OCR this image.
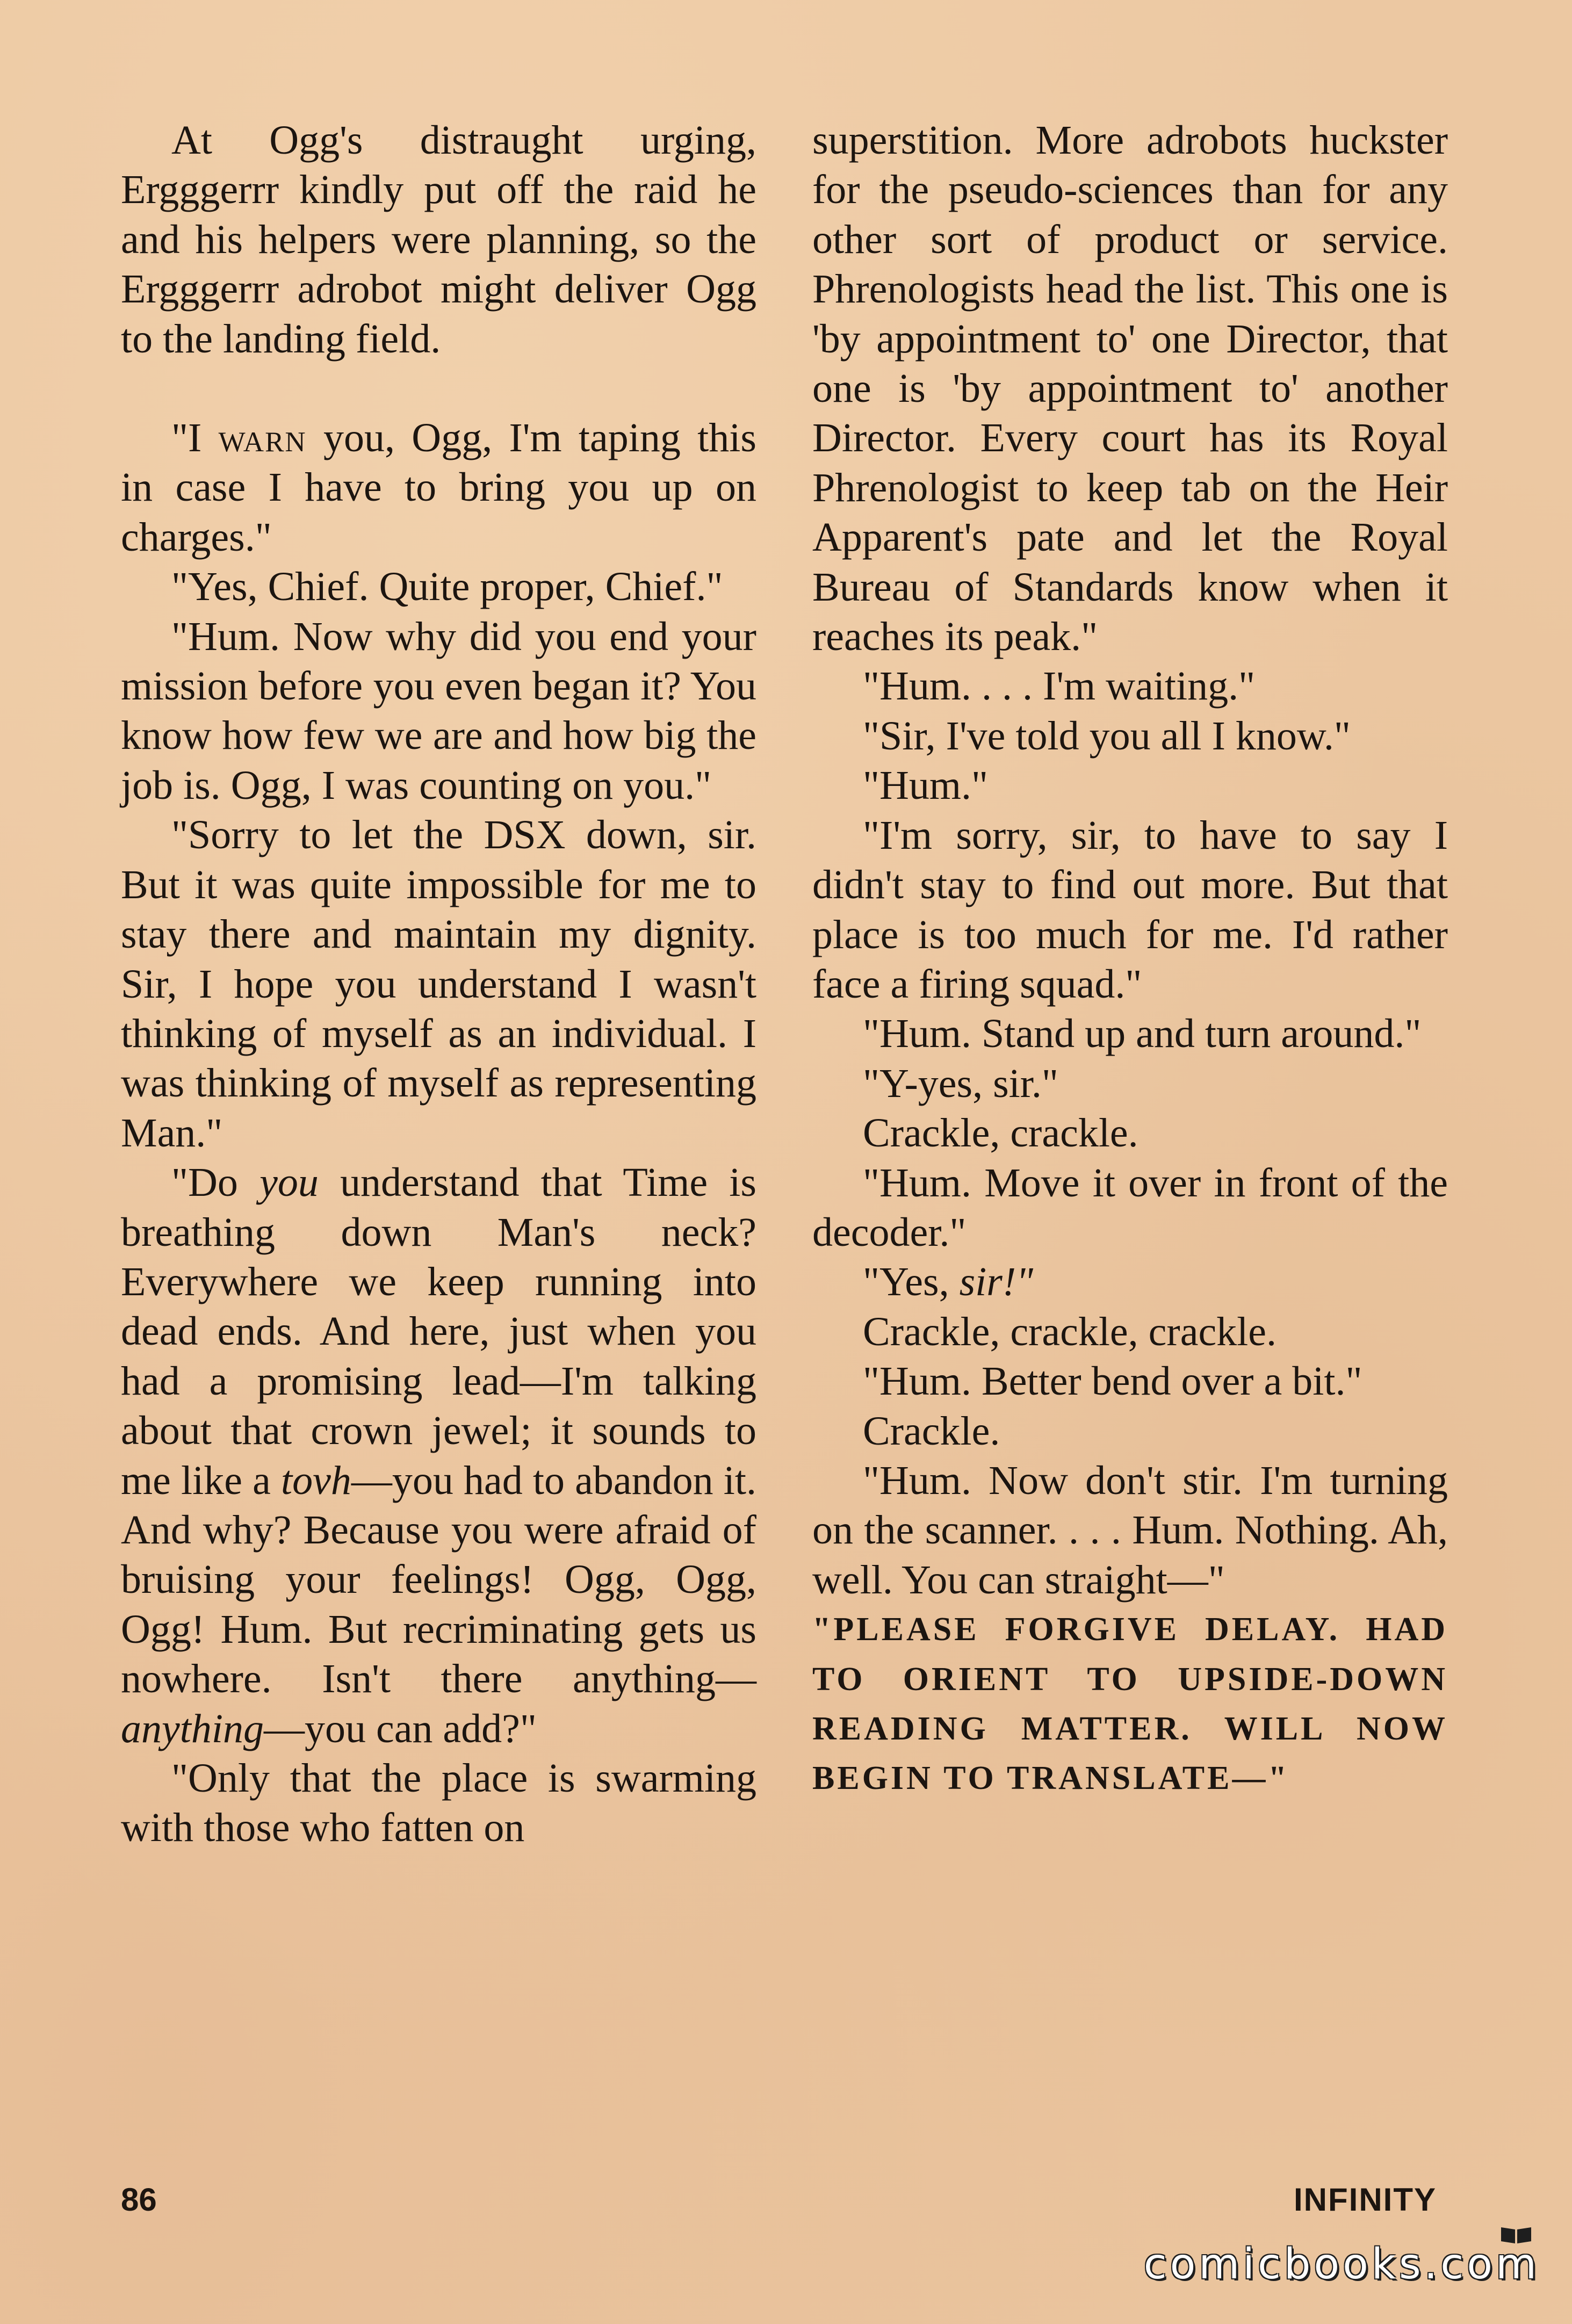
At Ogg's distraught urging, Ergggerrr kindly put off the raid he and his helpers were planning, so the Ergggerrr adrobot might deliver Ogg to the landing field.

"I warn you, Ogg, I'm taping this in case I have to bring you up on charges."

"Yes, Chief. Quite proper, Chief."

"Hum. Now why did you end your mission before you even began it? You know how few we are and how big the job is. Ogg, I was counting on you."

"Sorry to let the DSX down, sir. But it was quite impossible for me to stay there and maintain my dignity. Sir, I hope you understand I wasn't thinking of myself as an individual. I was thinking of myself as representing Man."

"Do you understand that Time is breathing down Man's neck? Everywhere we keep running into dead ends. And here, just when you had a promising lead—I'm talking about that crown jewel; it sounds to me like a tovh—you had to abandon it. And why? Because you were afraid of bruising your feelings! Ogg, Ogg, Ogg! Hum. But recriminating gets us nowhere. Isn't there anything—anything—you can add?"

"Only that the place is swarming with those who fatten on

superstition. More adrobots huckster for the pseudo-sciences than for any other sort of product or service. Phrenologists head the list. This one is 'by appointment to' one Director, that one is 'by appointment to' another Director. Every court has its Royal Phrenologist to keep tab on the Heir Apparent's pate and let the Royal Bureau of Standards know when it reaches its peak."

"Hum. . . . I'm waiting."

"Sir, I've told you all I know."

"Hum."

"I'm sorry, sir, to have to say I didn't stay to find out more. But that place is too much for me. I'd rather face a firing squad."

"Hum. Stand up and turn around."

"Y-yes, sir."

Crackle, crackle.

"Hum. Move it over in front of the decoder."

"Yes, sir!"

Crackle, crackle, crackle.

"Hum. Better bend over a bit."

Crackle.

"Hum. Now don't stir. I'm turning on the scanner. . . . Hum. Nothing. Ah, well. You can straight—"

"PLEASE FORGIVE DELAY. HAD TO ORIENT TO UPSIDE-DOWN READING MATTER. WILL NOW BEGIN TO TRANSLATE—"

86	INFINITY
comicbooks.com
